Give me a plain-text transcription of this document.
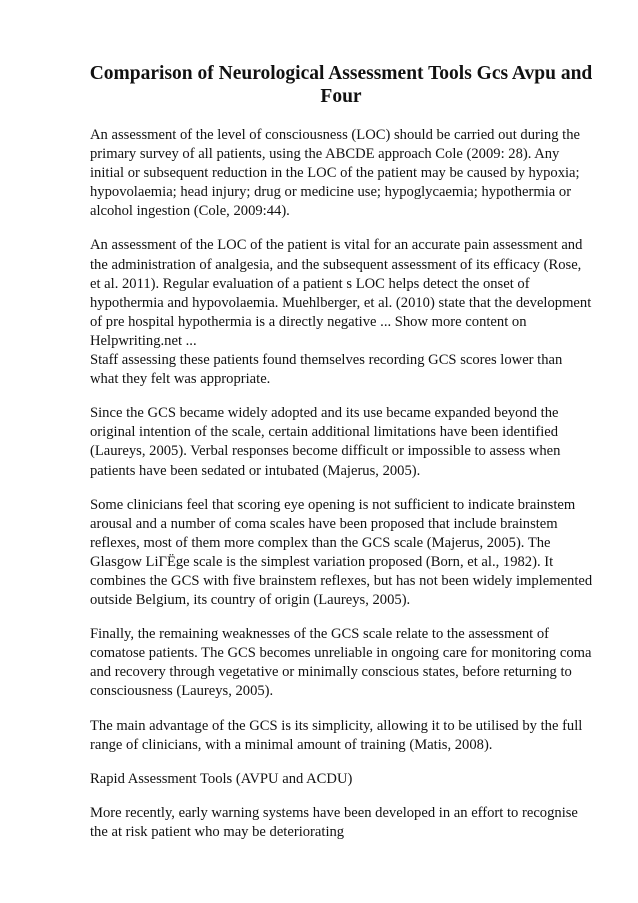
Comparison of Neurological Assessment Tools Gcs Avpu and Four

An assessment of the level of consciousness (LOC) should be carried out during the primary survey of all patients, using the ABCDE approach Cole (2009: 28). Any initial or subsequent reduction in the LOC of the patient may be caused by hypoxia; hypovolaemia; head injury; drug or medicine use; hypoglycaemia; hypothermia or alcohol ingestion (Cole, 2009:44).

An assessment of the LOC of the patient is vital for an accurate pain assessment and the administration of analgesia, and the subsequent assessment of its efficacy (Rose, et al. 2011). Regular evaluation of a patient s LOC helps detect the onset of hypothermia and hypovolaemia. Muehlberger, et al. (2010) state that the development of pre hospital hypothermia is a directly negative ... Show more content on Helpwriting.net ...

Staff assessing these patients found themselves recording GCS scores lower than what they felt was appropriate.

Since the GCS became widely adopted and its use became expanded beyond the original intention of the scale, certain additional limitations have been identified (Laureys, 2005). Verbal responses become difficult or impossible to assess when patients have been sedated or intubated (Majerus, 2005).

Some clinicians feel that scoring eye opening is not sufficient to indicate brainstem arousal and a number of coma scales have been proposed that include brainstem reflexes, most of them more complex than the GCS scale (Majerus, 2005). The Glasgow LiГЁge scale is the simplest variation proposed (Born, et al., 1982). It combines the GCS with five brainstem reflexes, but has not been widely implemented outside Belgium, its country of origin (Laureys, 2005).

Finally, the remaining weaknesses of the GCS scale relate to the assessment of comatose patients. The GCS becomes unreliable in ongoing care for monitoring coma and recovery through vegetative or minimally conscious states, before returning to consciousness (Laureys, 2005).

The main advantage of the GCS is its simplicity, allowing it to be utilised by the full range of clinicians, with a minimal amount of training (Matis, 2008).

Rapid Assessment Tools (AVPU and ACDU)

More recently, early warning systems have been developed in an effort to recognise the at risk patient who may be deteriorating
